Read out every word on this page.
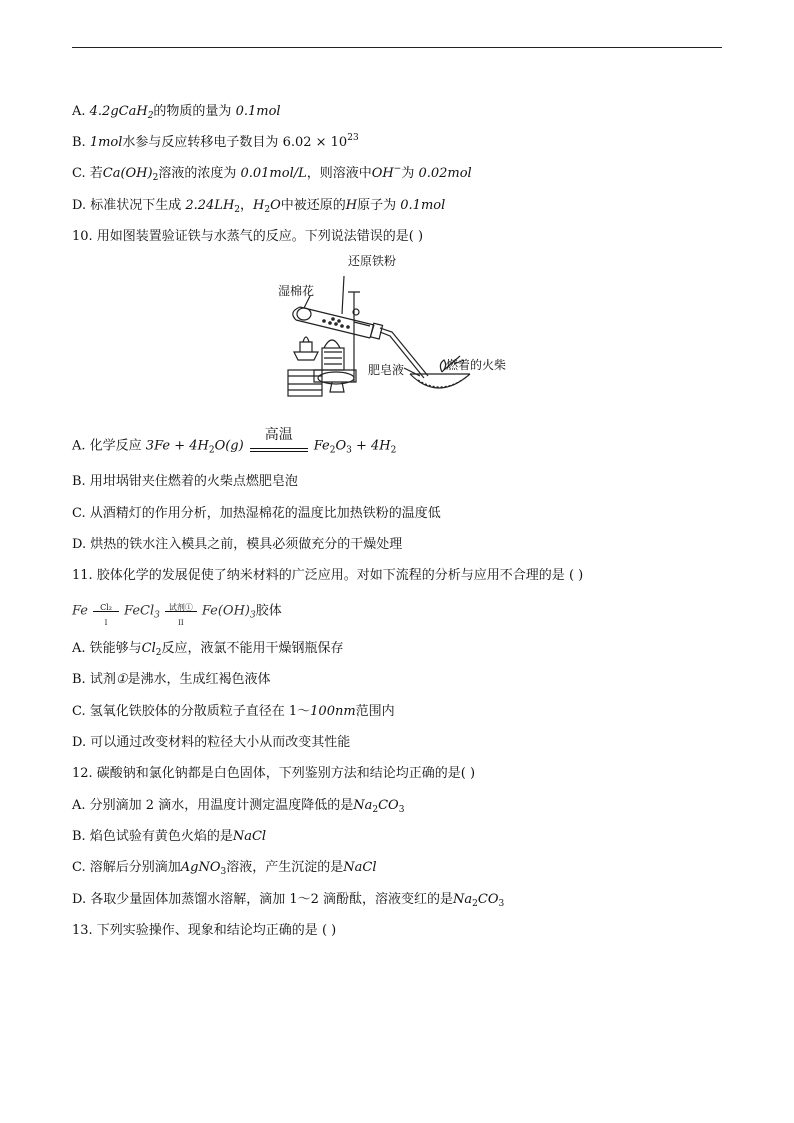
A. 4.2gCaH$_2$的物质的量为 0.1mol
B. 1mol水参与反应转移电子数目为 $6.02 \times 10^{23}$
C. 若$Ca(OH)_2$溶液的浓度为 0.01mol/L，则溶液中OH−为 0.02mol
D. 标准状况下生成 $2.24LH_2$，$H_2O$中被还原的H原子为 0.1mol
10. 用如图装置验证铁与水蒸气的反应。下列说法错误的是( )
还原铁粉
湿棉花
肥皂液	燃着的火柴
A. 化学反应 $3Fe + 4H_2O(g)$
高温
$Fe_2O_3 + 4H_2$
B. 用坩埚钳夹住燃着的火柴点燃肥皂泡
C. 从酒精灯的作用分析，加热湿棉花的温度比加热铁粉的温度低
D. 烘热的铁水注入模具之前，模具必须做充分的干燥处理
11. 胶体化学的发展促使了纳米材料的广泛应用。对如下流程的分析与应用不合理的是 ( )
Fe $\frac{\text{Cl₂}}{I}$ FeCl$_3$
试剂①
II
$Fe(OH)_3$胶体
A. 铁能够与$Cl_2$反应，液氯不能用干燥钢瓶保存
B. 试剂①是沸水，生成红褐色液体
C. 氢氧化铁胶体的分散质粒子直径在 1～100nm范围内
D. 可以通过改变材料的粒径大小从而改变其性能
12. 碳酸钠和氯化钠都是白色固体，下列鉴别方法和结论均正确的是( )
A. 分别滴加 2 滴水，用温度计测定温度降低的是$Na_2CO_3$
B. 焰色试验有黄色火焰的是NaCl
C. 溶解后分别滴加AgNO$_3$溶液，产生沉淀的是NaCl
D. 各取少量固体加蒸馏水溶解，滴加 1～2 滴酚酞，溶液变红的是$Na_2CO_3$
13. 下列实验操作、现象和结论均正确的是 ( )
